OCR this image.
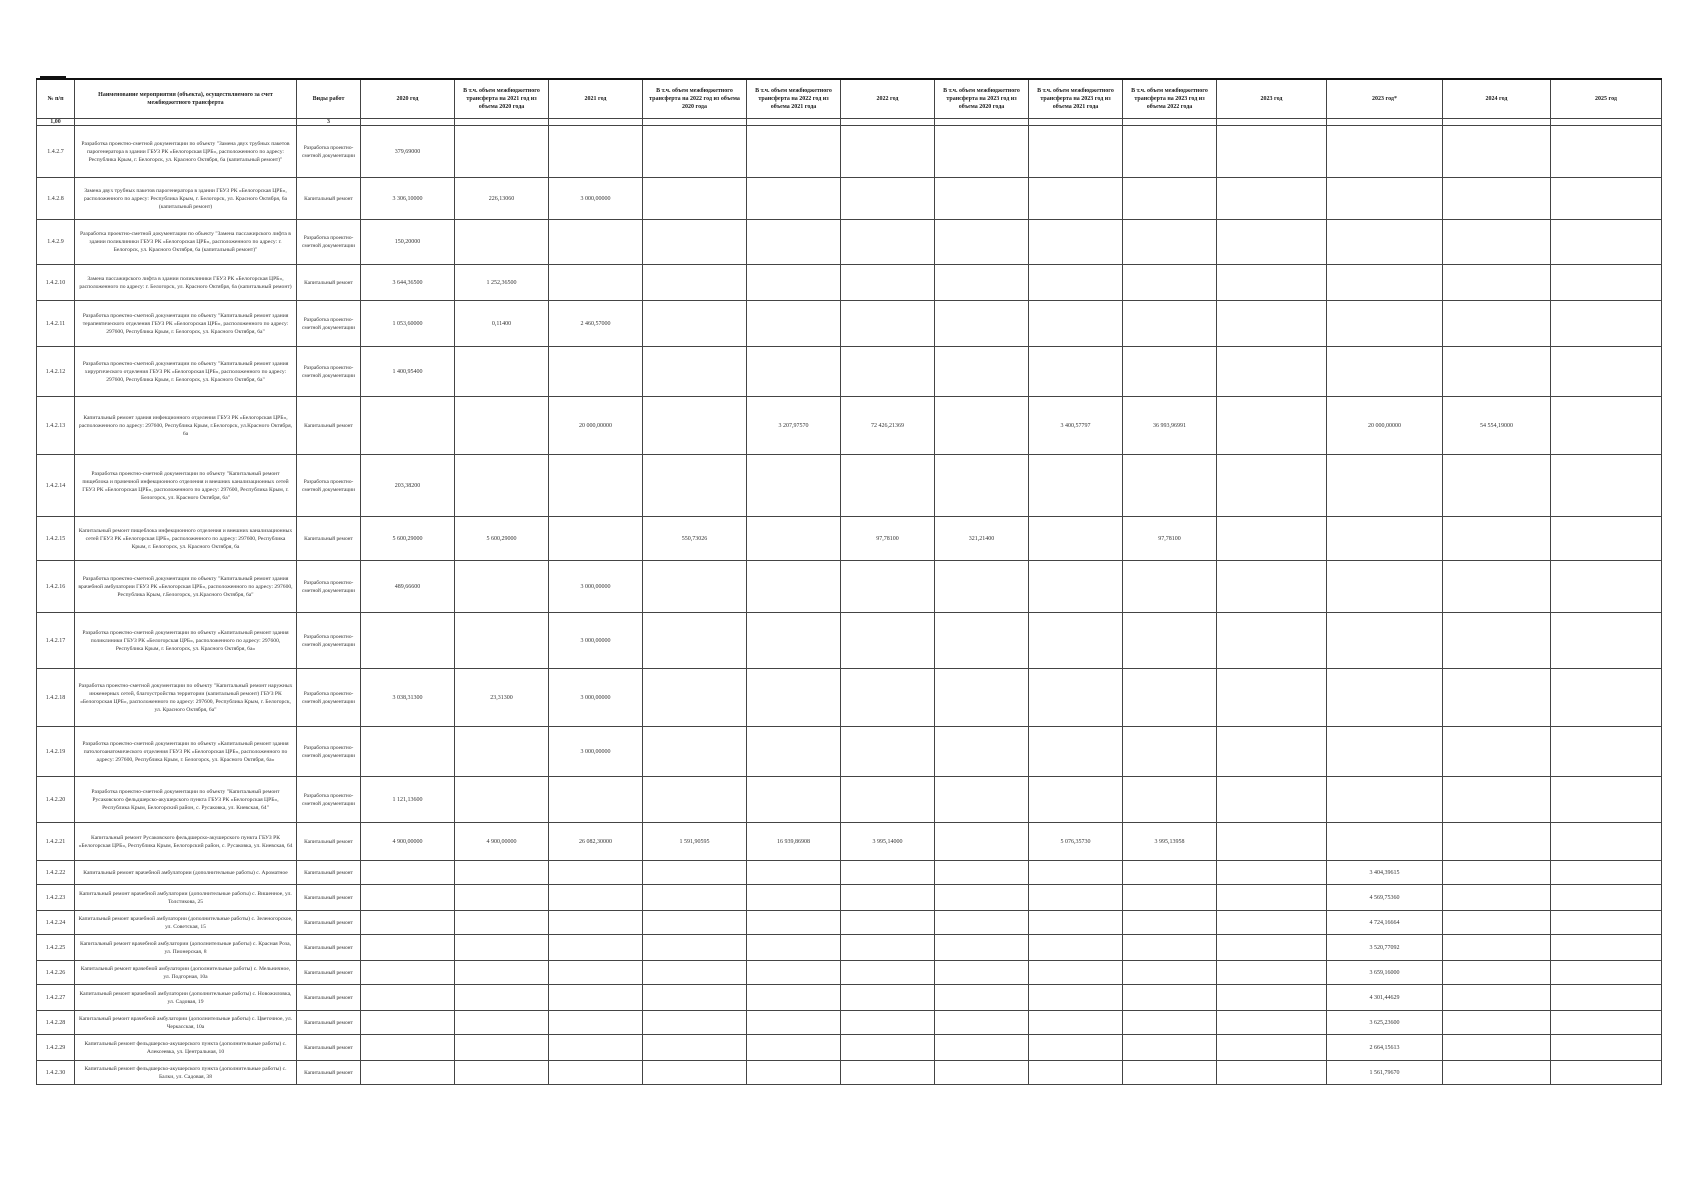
№ п/п	Наименование мероприятия (объекта), осуществляемого за счет межбюджетного трансферта	Виды работ	2020 год	В т.ч. объем межбюджетного трансферта на 2021 год из объема 2020 года	2021 год	В т.ч. объем межбюджетного трансферта на 2022 год из объема 2020 года	В т.ч. объем межбюджетного трансферта на 2022 год из объема 2021 года	2022 год	В т.ч. объем межбюджетного трансферта на 2023 год из объема 2020 года	В т.ч. объем межбюджетного трансферта на 2023 год из объема 2021 года	В т.ч. объем межбюджетного трансферта на 2023 год из объема 2022 года	2023 год	2023 год*	2024 год	2025 год
1,00		3													
1.4.2.7	Разработка проектно-сметной документации по объекту "Замена двух трубных пакетов парогенератора в здании ГБУЗ РК «Белогорская ЦРБ», расположенного по адресу: Республика Крым, г. Белогорск, ул. Красного Октября, 6а (капитальный ремонт)"	Разработка проектно-сметной документации	379,69000												
1.4.2.8	Замена двух трубных пакетов парогенератора в здании ГБУЗ РК «Белогорская ЦРБ», расположенного по адресу: Республика Крым, г. Белогорск, ул. Красного Октября, 6а (капитальный ремонт)	Капитальный ремонт	3 306,10000	226,13060	3 000,00000										
1.4.2.9	Разработка проектно-сметной документации по объекту "Замена пассажирского лифта в здании поликлиники ГБУЗ РК «Белогорская ЦРБ», расположенного по адресу: г. Белогорск, ул. Красного Октября, 6а (капитальный ремонт)"	Разработка проектно-сметной документации	150,20000												
1.4.2.10	Замена пассажирского лифта в здании поликлиники ГБУЗ РК «Белогорская ЦРБ», расположенного по адресу: г. Белогорск, ул. Красного Октября, 6а (капитальный ремонт)	Капитальный ремонт	3 644,36500	1 252,36500											
1.4.2.11	Разработка проектно-сметной документации по объекту "Капитальный ремонт здания терапевтического отделения ГБУЗ РК «Белогорская ЦРБ», расположенного по адресу: 297600, Республика Крым, г. Белогорск, ул. Красного Октября, 6а"	Разработка проектно-сметной документации	1 053,60000	0,11400	2 460,57000										
1.4.2.12	Разработка проектно-сметной документации по объекту "Капитальный ремонт здания хирургического отделения ГБУЗ РК «Белогорская ЦРБ», расположенного по адресу: 297600, Республика Крым, г. Белогорск, ул. Красного Октября, 6а"	Разработка проектно-сметной документации	1 400,95400												
1.4.2.13	Капитальный ремонт здания инфекционного отделения ГБУЗ РК «Белогорская ЦРБ», расположенного по адресу: 297600, Республика Крым, г.Белогорск, ул.Красного Октября, 6а	Капитальный ремонт			20 000,00000		3 207,97570	72 426,21369		3 400,57797	36 993,96991		20 000,00000	54 554,19000	
1.4.2.14	Разработка проектно-сметной документации по объекту "Капитальный ремонт пищеблока и прачечной инфекционного отделения и внешних канализационных сетей ГБУЗ РК «Белогорская ЦРБ», расположенного по адресу: 297600, Республика Крым, г. Белогорск, ул. Красного Октября, 6а"	Разработка проектно-сметной документации	203,38200												
1.4.2.15	Капитальный ремонт пищеблока инфекционного отделения и внешних канализационных сетей ГБУЗ РК «Белогорская ЦРБ», расположенного по адресу: 297600, Республика Крым, г. Белогорск, ул. Красного Октября, 6а	Капитальный ремонт	5 600,29000	5 600,29000		550,73026		97,78100	321,21400		97,78100				
1.4.2.16	Разработка проектно-сметной документации по объекту "Капитальный ремонт здания врачебной амбулатории ГБУЗ РК «Белогорская ЦРБ», расположенного по адресу: 297600, Республика Крым, г.Белогорск, ул.Красного Октября, 6а"	Разработка проектно-сметной документации	489,66600		3 000,00000										
1.4.2.17	Разработка проектно-сметной документации по объекту «Капитальный ремонт здания поликлиники ГБУЗ РК «Белогорская ЦРБ», расположенного по адресу: 297600, Республика Крым, г. Белогорск, ул. Красного Октября, 6а»	Разработка проектно-сметной документации			3 000,00000										
1.4.2.18	Разработка проектно-сметной документации по объекту "Капитальный ремонт наружных инженерных сетей, благоустройства территории (капитальный ремонт) ГБУЗ РК «Белогорская ЦРБ», расположенного по адресу: 297600, Республика Крым, г. Белогорск, ул. Красного Октября, 6а"	Разработка проектно-сметной документации	3 038,31300	23,31300	3 000,00000										
1.4.2.19	Разработка проектно-сметной документации по объекту «Капитальный ремонт здания патологоанатомического отделения ГБУЗ РК «Белогорская ЦРБ», расположенного по адресу: 297600, Республика Крым, г. Белогорск, ул. Красного Октября, 6а»	Разработка проектно-сметной документации			3 000,00000										
1.4.2.20	Разработка проектно-сметной документации по объекту "Капитальный ремонт Русаковского фельдшерско-акушерского пункта ГБУЗ РК «Белогорская ЦРБ», Республика Крым, Белогорский район, с. Русаковка, ул. Киевская, 64"	Разработка проектно-сметной документации	1 121,13600												
1.4.2.21	Капитальный ремонт Русаковского фельдшерско-акушерского пункта ГБУЗ РК «Белогорская ЦРБ», Республика Крым, Белогорский район, с. Русаковка, ул. Киевская, 64	Капитальный ремонт	4 900,00000	4 900,00000	26 082,30000	1 591,90595	16 939,86908	3 995,14000		5 076,35730	3 995,13958				
1.4.2.22	Капитальный ремонт врачебной амбулатории (дополнительные работы) с. Ароматное	Капитальный ремонт											3 404,39615		
1.4.2.23	Капитальный ремонт врачебной амбулатории (дополнительные работы) с. Вишенное, ул. Толстикова, 25	Капитальный ремонт											4 569,75360		
1.4.2.24	Капитальный ремонт врачебной амбулатории (дополнительные работы) с. Зеленогорское, ул. Советская, 15	Капитальный ремонт											4 724,16664		
1.4.2.25	Капитальный ремонт врачебной амбулатории (дополнительные работы) с. Красная Роза, ул. Пионерская, 8	Капитальный ремонт											3 520,77092		
1.4.2.26	Капитальный ремонт врачебной амбулатории (дополнительные работы) с. Мельничное, ул. Подгорная, 10а	Капитальный ремонт											3 659,16000		
1.4.2.27	Капитальный ремонт врачебной амбулатории (дополнительные работы) с. Новожиловка, ул. Садовая, 19	Капитальный ремонт											4 301,44629		
1.4.2.28	Капитальный ремонт врачебной амбулатории (дополнительные работы) с. Цветочное, ул. Черкасская, 10а	Капитальный ремонт											3 625,23600		
1.4.2.29	Капитальный ремонт фельдшерско-акушерского пункта (дополнительные работы) с. Алексеевка, ул. Центральная, 10	Капитальный ремонт											2 664,15613		
1.4.2.30	Капитальный ремонт фельдшерско-акушерского пункта (дополнительные работы) с. Балки, ул. Садовая, 38	Капитальный ремонт											1 561,79670		
